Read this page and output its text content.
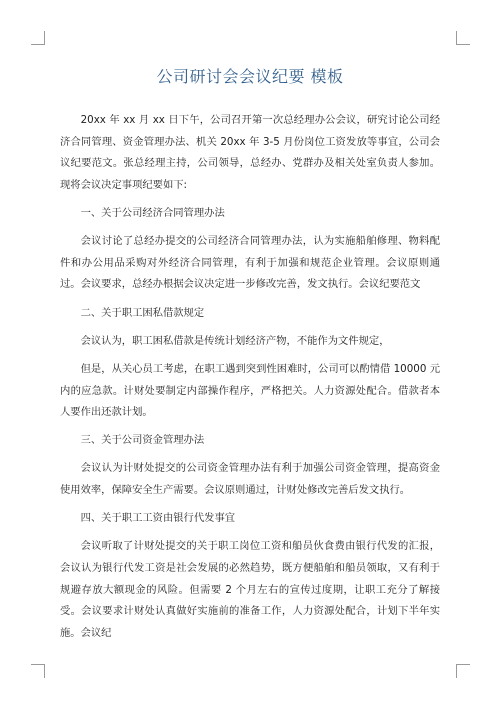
公司研讨会会议纪要 模板

20xx 年 xx 月 xx 日下午，公司召开第一次总经理办公会议，研究讨论公司经济合同管理、资金管理办法、机关 20xx 年 3-5 月份岗位工资发放等事宜，公司会议纪要范文。张总经理主持，公司领导，总经办、党群办及相关处室负责人参加。现将会议决定事项纪要如下:

一、关于公司经济合同管理办法

会议讨论了总经办提交的公司经济合同管理办法，认为实施船舶修理、物料配件和办公用品采购对外经济合同管理，有利于加强和规范企业管理。会议原则通过。会议要求，总经办根据会议决定进一步修改完善，发文执行。会议纪要范文

二、关于职工困私借款规定

会议认为，职工困私借款是传统计划经济产物，不能作为文件规定，

但是，从关心员工考虑，在职工遇到突到性困难时，公司可以酌情借 10000 元内的应急款。计财处要制定内部操作程序，严格把关。人力资源处配合。借款者本人要作出还款计划。

三、关于公司资金管理办法

会议认为计财处提交的公司资金管理办法有利于加强公司资金管理，提高资金使用效率，保障安全生产需要。会议原则通过，计财处修改完善后发文执行。

四、关于职工工资由银行代发事宜

会议听取了计财处提交的关于职工岗位工资和船员伙食费由银行代发的汇报，会议认为银行代发工资是社会发展的必然趋势，既方便船舶和船员领取，又有利于规避存放大额现金的风险。但需要 2 个月左右的宣传过度期，让职工充分了解接受。会议要求计财处认真做好实施前的准备工作，人力资源处配合，计划下半年实施。会议纪
